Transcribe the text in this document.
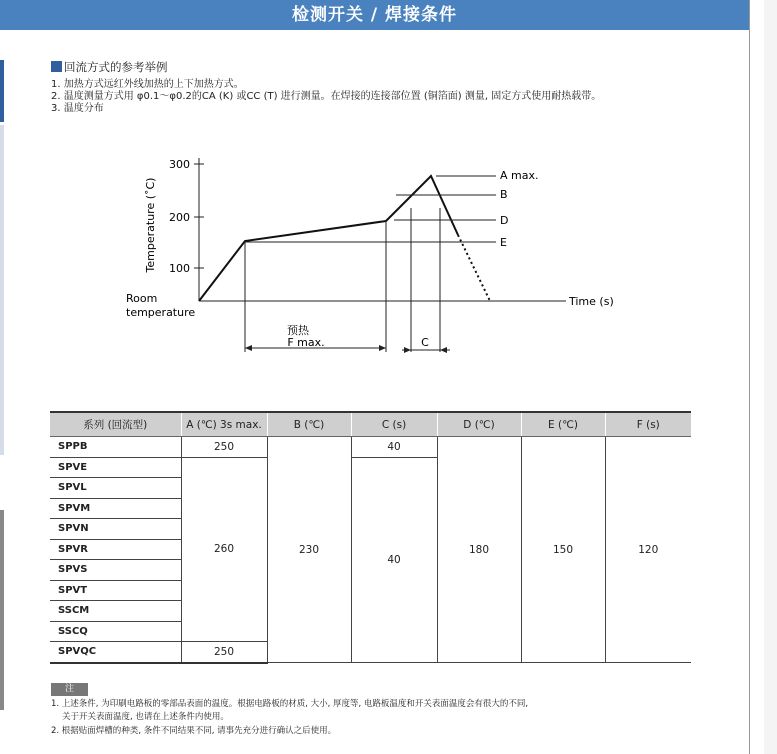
检测开关 / 焊接条件
回流方式的参考举例
1. 加热方式远红外线加热的上下加热方式。
2. 温度测量方式用 φ0.1～φ0.2的CA (K) 或CC (T) 进行测量。在焊接的连接部位置 (铜箔面) 测量, 固定方式使用耐热载带。
3. 温度分布
300
200
100
Temperature (˚C)
Time (s)
Room
temperature
A max.
B
D
E
预热
F max.	C
系列 (回流型)	A (℃) 3s max.	B (℃)	C (s)	D (℃)	E (℃)	F (s)
SPPB	250	230	40	180	150	120
SPVE	260		40			
SPVL						
SPVM						
SPVN						
SPVR						
SPVS						
SPVT						
SSCM						
SSCQ						
SPVQC	250					
注
1. 上述条件, 为印刷电路板的零部品表面的温度。根据电路板的材质, 大小, 厚度等, 电路板温度和开关表面温度会有很大的不同,
关于开关表面温度, 也请在上述条件内使用。
2. 根据贴面焊槽的种类, 条件不同结果不同, 请事先充分进行确认之后使用。
